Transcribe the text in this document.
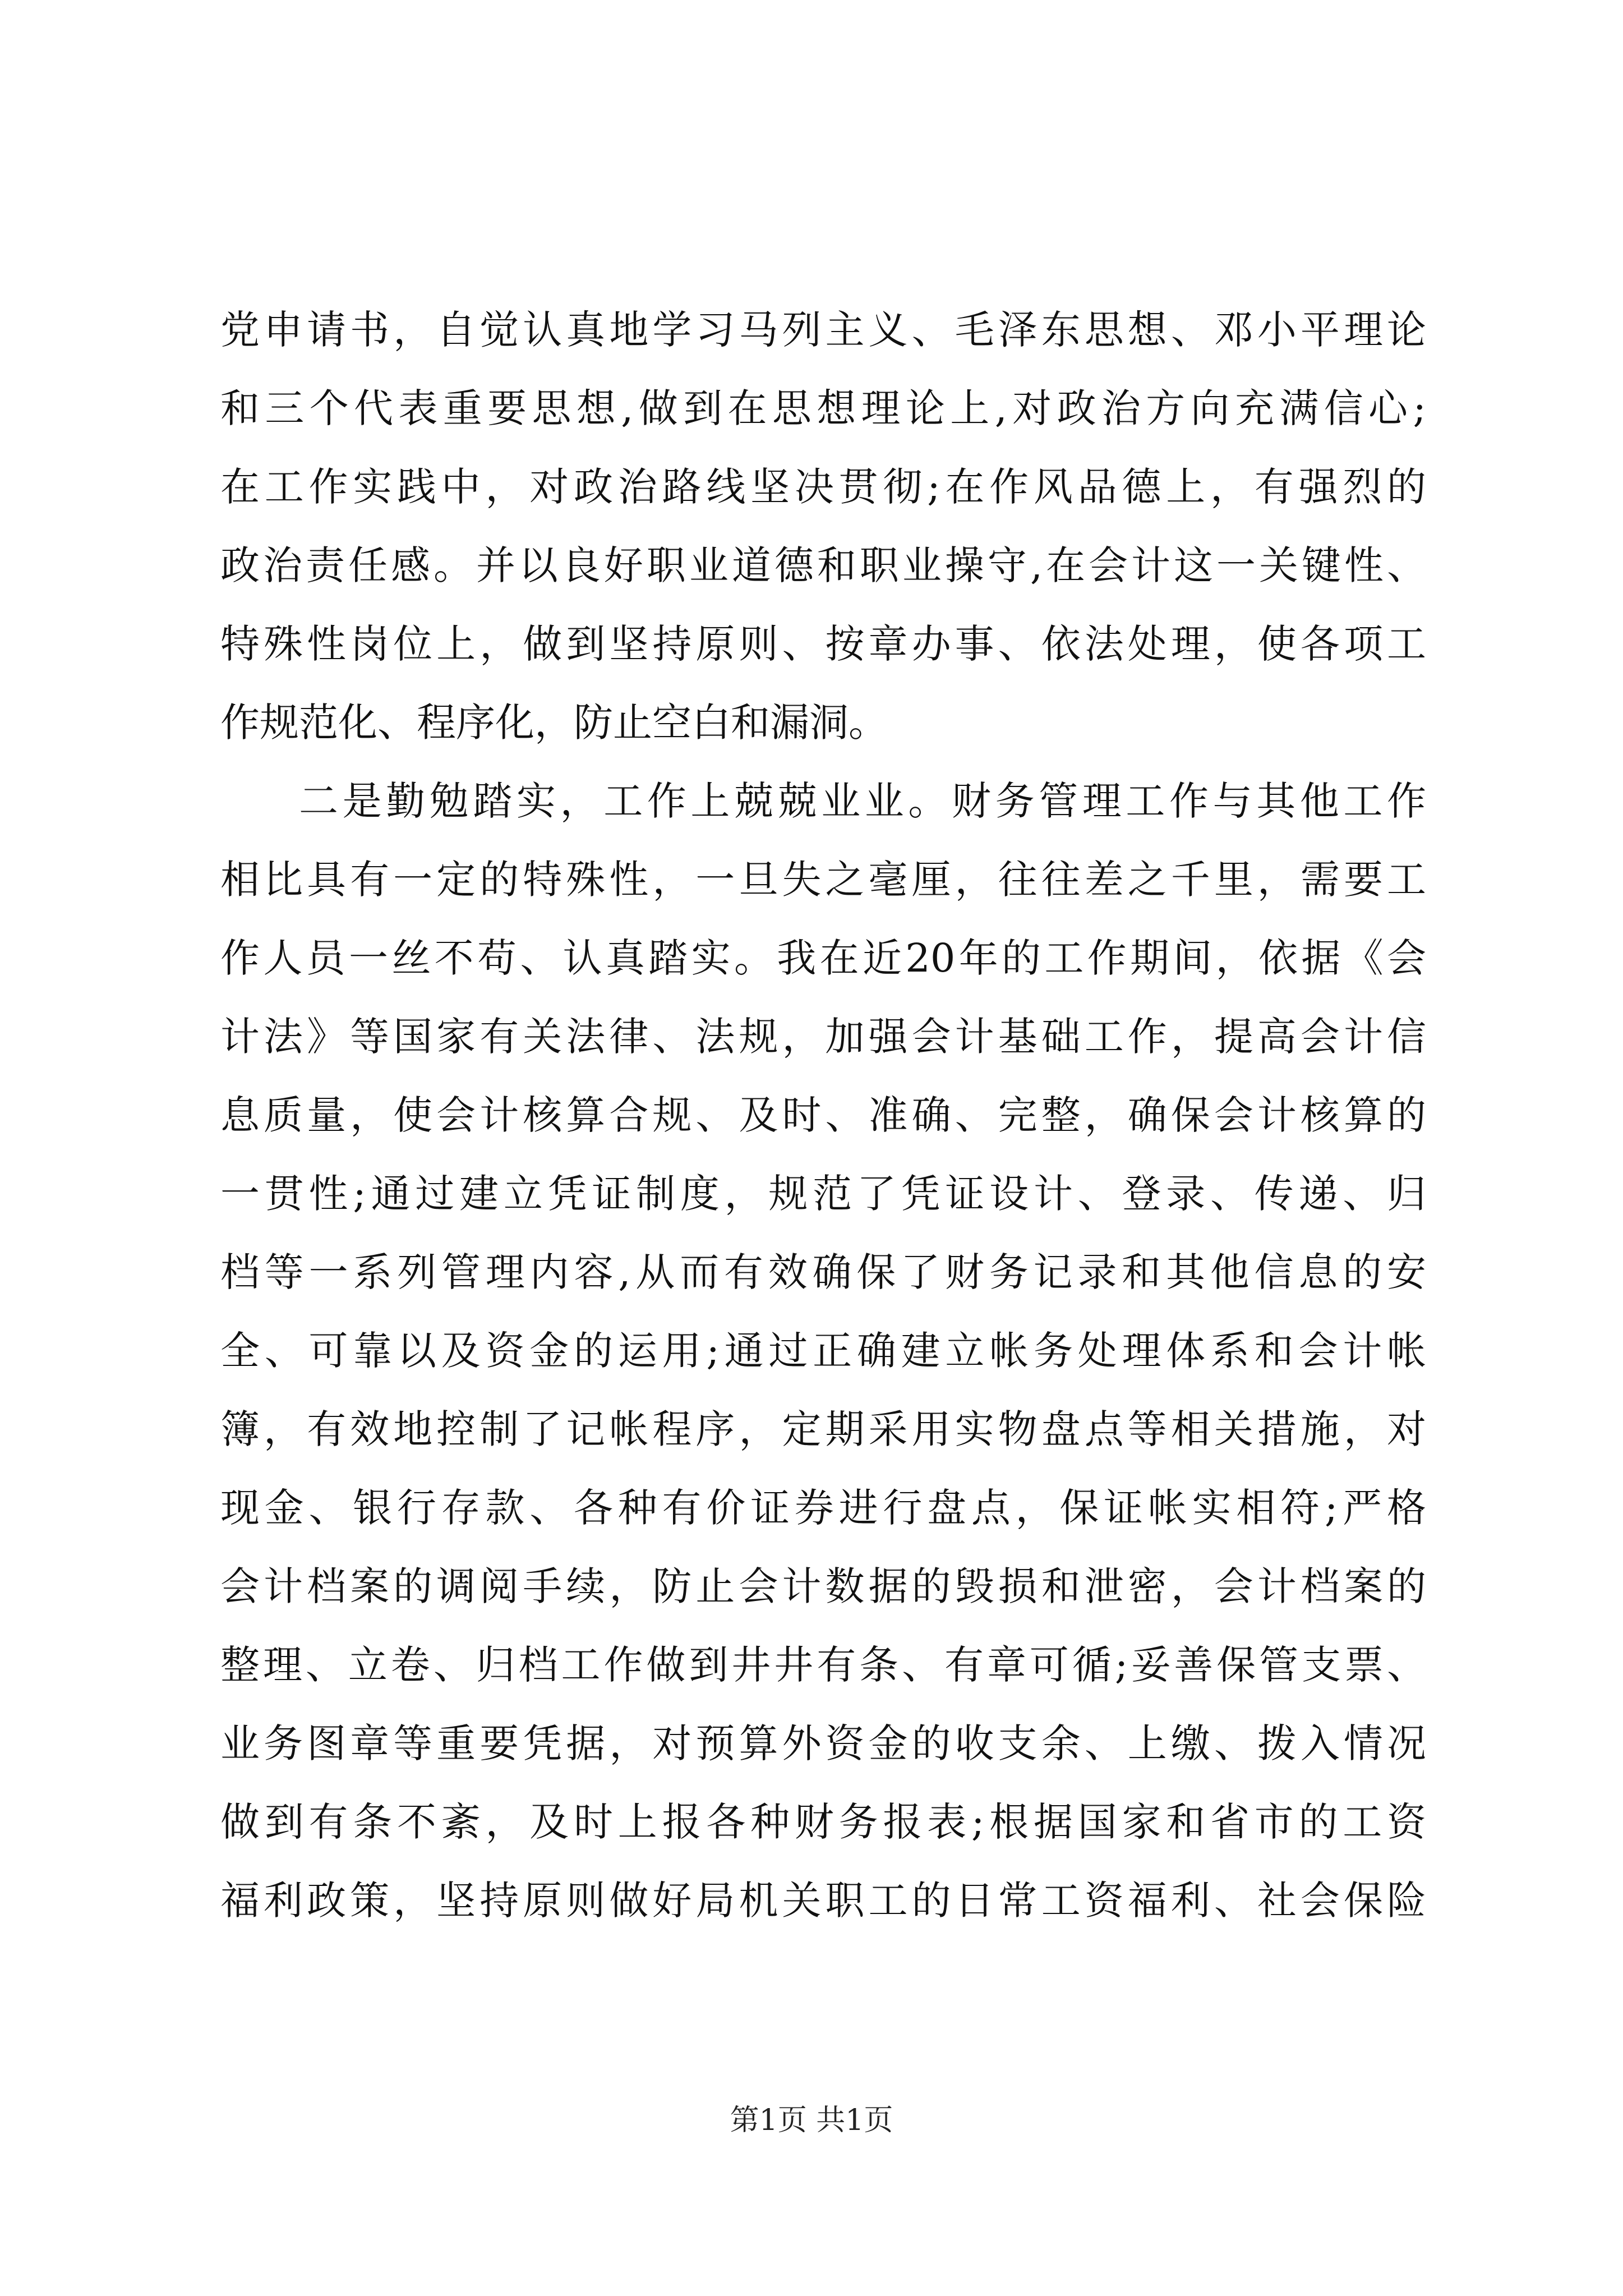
党申请书，自觉认真地学习马列主义、毛泽东思想、邓小平理论
和三个代表重要思想,做到在思想理论上,对政治方向充满信心;
在工作实践中，对政治路线坚决贯彻;在作风品德上，有强烈的
政治责任感。并以良好职业道德和职业操守,在会计这一关键性、
特殊性岗位上，做到坚持原则、按章办事、依法处理，使各项工
作规范化、程序化，防止空白和漏洞。
二是勤勉踏实，工作上兢兢业业。财务管理工作与其他工作
相比具有一定的特殊性，一旦失之毫厘，往往差之千里，需要工
作人员一丝不苟、认真踏实。我在近20年的工作期间，依据《会
计法》等国家有关法律、法规，加强会计基础工作，提高会计信
息质量，使会计核算合规、及时、准确、完整，确保会计核算的
一贯性;通过建立凭证制度，规范了凭证设计、登录、传递、归
档等一系列管理内容,从而有效确保了财务记录和其他信息的安
全、可靠以及资金的运用;通过正确建立帐务处理体系和会计帐
簿，有效地控制了记帐程序，定期采用实物盘点等相关措施，对
现金、银行存款、各种有价证券进行盘点，保证帐实相符;严格
会计档案的调阅手续，防止会计数据的毁损和泄密，会计档案的
整理、立卷、归档工作做到井井有条、有章可循;妥善保管支票、
业务图章等重要凭据，对预算外资金的收支余、上缴、拨入情况
做到有条不紊，及时上报各种财务报表;根据国家和省市的工资
福利政策，坚持原则做好局机关职工的日常工资福利、社会保险
第1页 共1页
